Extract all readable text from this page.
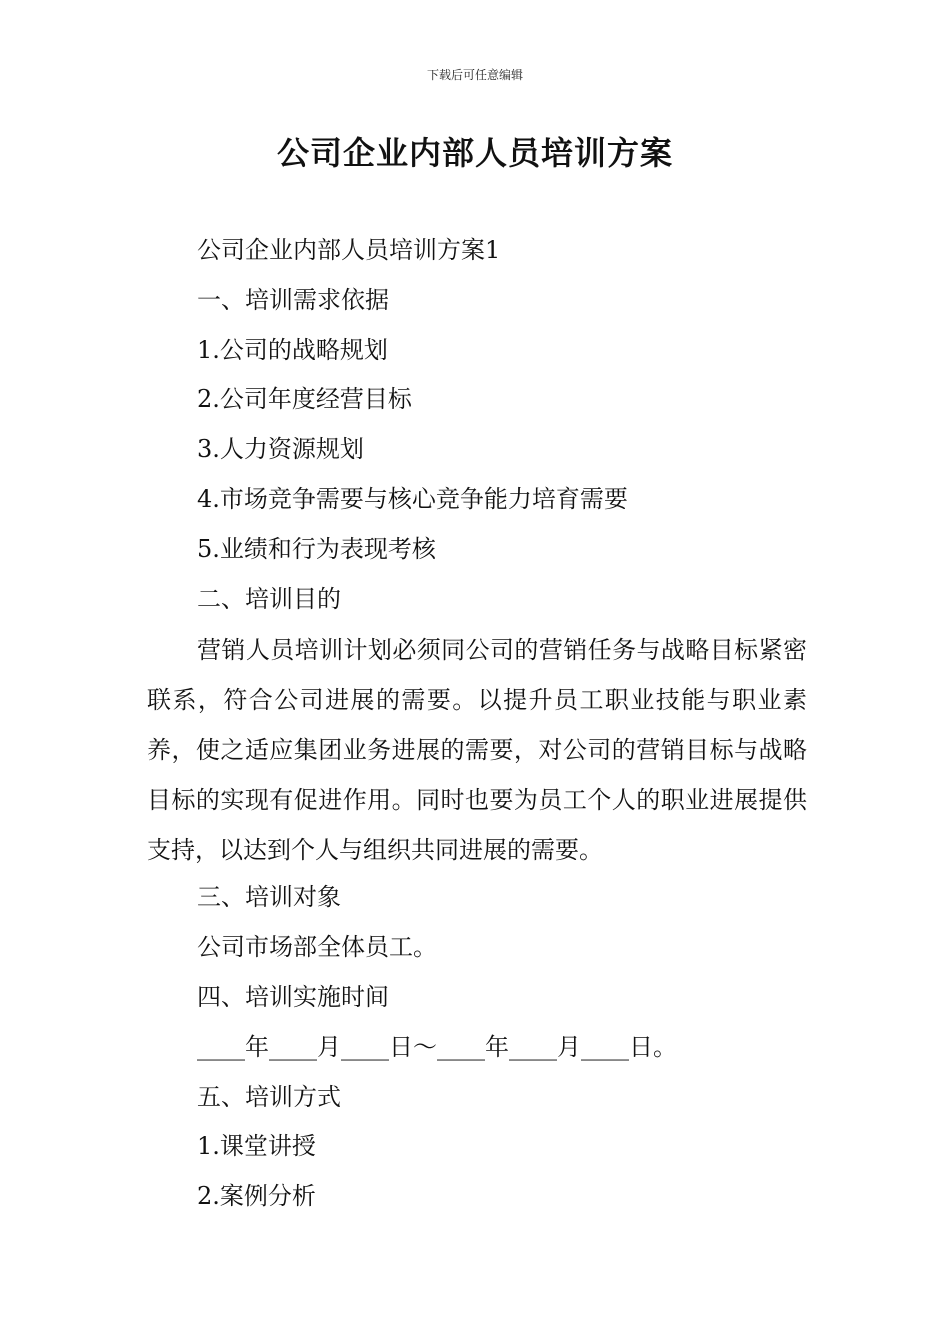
下载后可任意编辑
公司企业内部人员培训方案
公司企业内部人员培训方案1
一、培训需求依据
1.公司的战略规划
2.公司年度经营目标
3.人力资源规划
4.市场竞争需要与核心竞争能力培育需要
5.业绩和行为表现考核
二、培训目的
营销人员培训计划必须同公司的营销任务与战略目标紧密联系，符合公司进展的需要。以提升员工职业技能与职业素养，使之适应集团业务进展的需要，对公司的营销目标与战略目标的实现有促进作用。同时也要为员工个人的职业进展提供支持，以达到个人与组织共同进展的需要。
三、培训对象
公司市场部全体员工。
四、培训实施时间
____年____月____日～____年____月____日。
五、培训方式
1.课堂讲授
2.案例分析
